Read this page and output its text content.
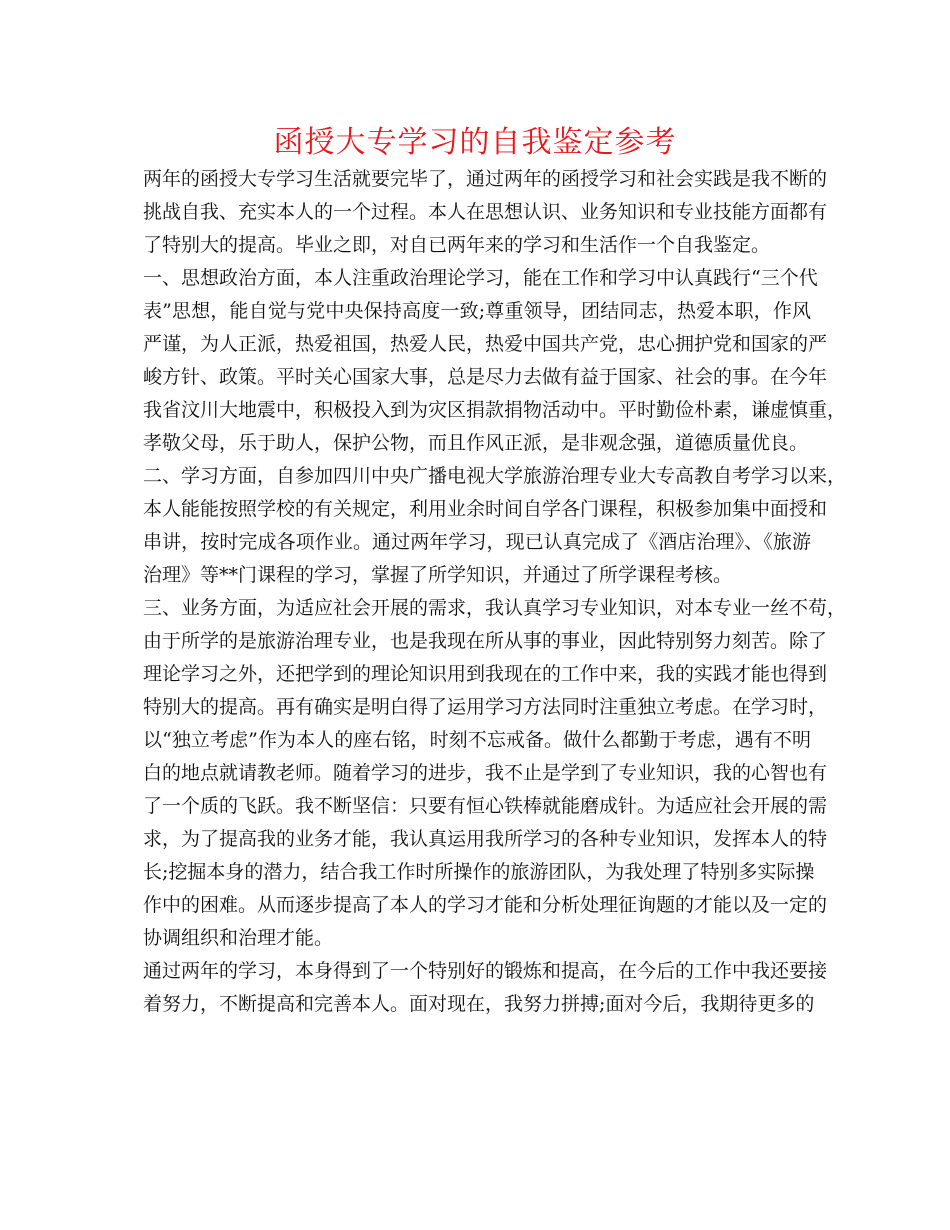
函授大专学习的自我鉴定参考
两年的函授大专学习生活就要完毕了，通过两年的函授学习和社会实践是我不断的
挑战自我、充实本人的一个过程。本人在思想认识、业务知识和专业技能方面都有
了特别大的提高。毕业之即，对自已两年来的学习和生活作一个自我鉴定。
一、思想政治方面，本人注重政治理论学习，能在工作和学习中认真践行“三个代
表”思想，能自觉与党中央保持高度一致;尊重领导，团结同志，热爱本职，作风
严谨，为人正派，热爱祖国，热爱人民，热爱中国共产党，忠心拥护党和国家的严
峻方针、政策。平时关心国家大事，总是尽力去做有益于国家、社会的事。在今年
我省汶川大地震中，积极投入到为灾区捐款捐物活动中。平时勤俭朴素，谦虚慎重，
孝敬父母，乐于助人，保护公物，而且作风正派，是非观念强，道德质量优良。
二、学习方面，自参加四川中央广播电视大学旅游治理专业大专高教自考学习以来，
本人能能按照学校的有关规定，利用业余时间自学各门课程，积极参加集中面授和
串讲，按时完成各项作业。通过两年学习，现已认真完成了《酒店治理》、《旅游
治理》等**门课程的学习，掌握了所学知识，并通过了所学课程考核。
三、业务方面，为适应社会开展的需求，我认真学习专业知识，对本专业一丝不苟，
由于所学的是旅游治理专业，也是我现在所从事的事业，因此特别努力刻苦。除了
理论学习之外，还把学到的理论知识用到我现在的工作中来，我的实践才能也得到
特别大的提高。再有确实是明白得了运用学习方法同时注重独立考虑。在学习时，
以“独立考虑”作为本人的座右铭，时刻不忘戒备。做什么都勤于考虑，遇有不明
白的地点就请教老师。随着学习的进步，我不止是学到了专业知识，我的心智也有
了一个质的飞跃。我不断坚信：只要有恒心铁棒就能磨成针。为适应社会开展的需
求，为了提高我的业务才能，我认真运用我所学习的各种专业知识，发挥本人的特
长;挖掘本身的潜力，结合我工作时所操作的旅游团队，为我处理了特别多实际操
作中的困难。从而逐步提高了本人的学习才能和分析处理征询题的才能以及一定的
协调组织和治理才能。
通过两年的学习，本身得到了一个特别好的锻炼和提高，在今后的工作中我还要接
着努力，不断提高和完善本人。面对现在，我努力拼搏;面对今后，我期待更多的
